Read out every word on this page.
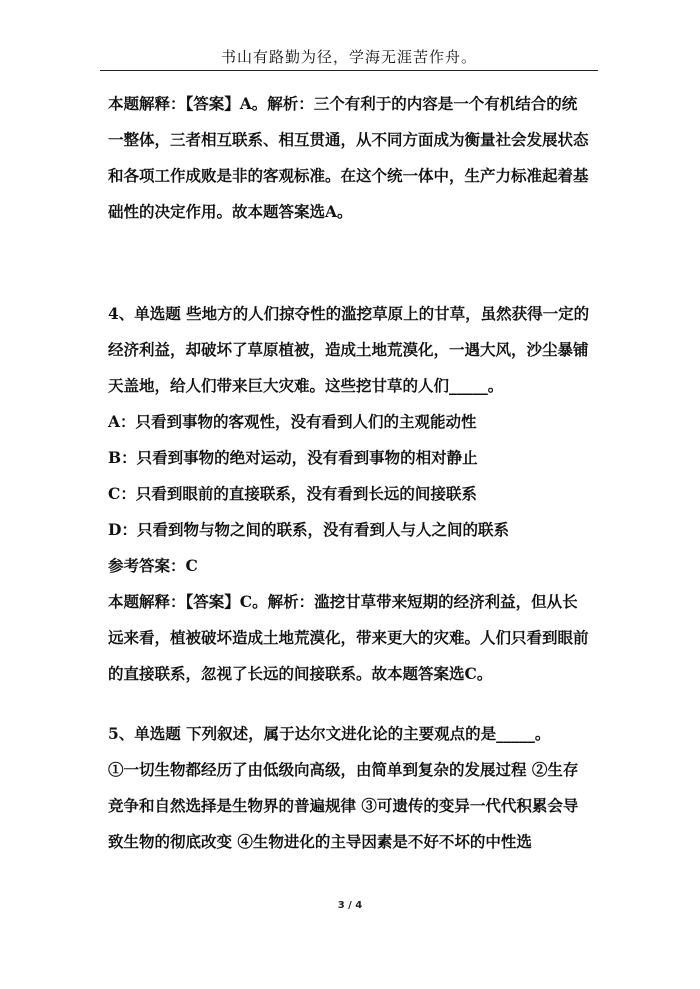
书山有路勤为径，学海无涯苦作舟。

本题解释：【答案】A。解析：三个有利于的内容是一个有机结合的统一整体，三者相互联系、相互贯通，从不同方面成为衡量社会发展状态和各项工作成败是非的客观标准。在这个统一体中，生产力标准起着基础性的决定作用。故本题答案选A。

4、单选题 些地方的人们掠夺性的滥挖草原上的甘草，虽然获得一定的经济利益，却破坏了草原植被，造成土地荒漠化，一遇大风，沙尘暴铺天盖地，给人们带来巨大灾难。这些挖甘草的人们_____。

A：只看到事物的客观性，没有看到人们的主观能动性

B：只看到事物的绝对运动，没有看到事物的相对静止

C：只看到眼前的直接联系，没有看到长远的间接联系

D：只看到物与物之间的联系，没有看到人与人之间的联系

参考答案：C

本题解释：【答案】C。解析：滥挖甘草带来短期的经济利益，但从长远来看，植被破坏造成土地荒漠化，带来更大的灾难。人们只看到眼前的直接联系，忽视了长远的间接联系。故本题答案选C。

5、单选题 下列叙述，属于达尔文进化论的主要观点的是_____。

①一切生物都经历了由低级向高级，由简单到复杂的发展过程 ②生存竞争和自然选择是生物界的普遍规律 ③可遗传的变异一代代积累会导致生物的彻底改变 ④生物进化的主导因素是不好不坏的中性选

3 / 4
